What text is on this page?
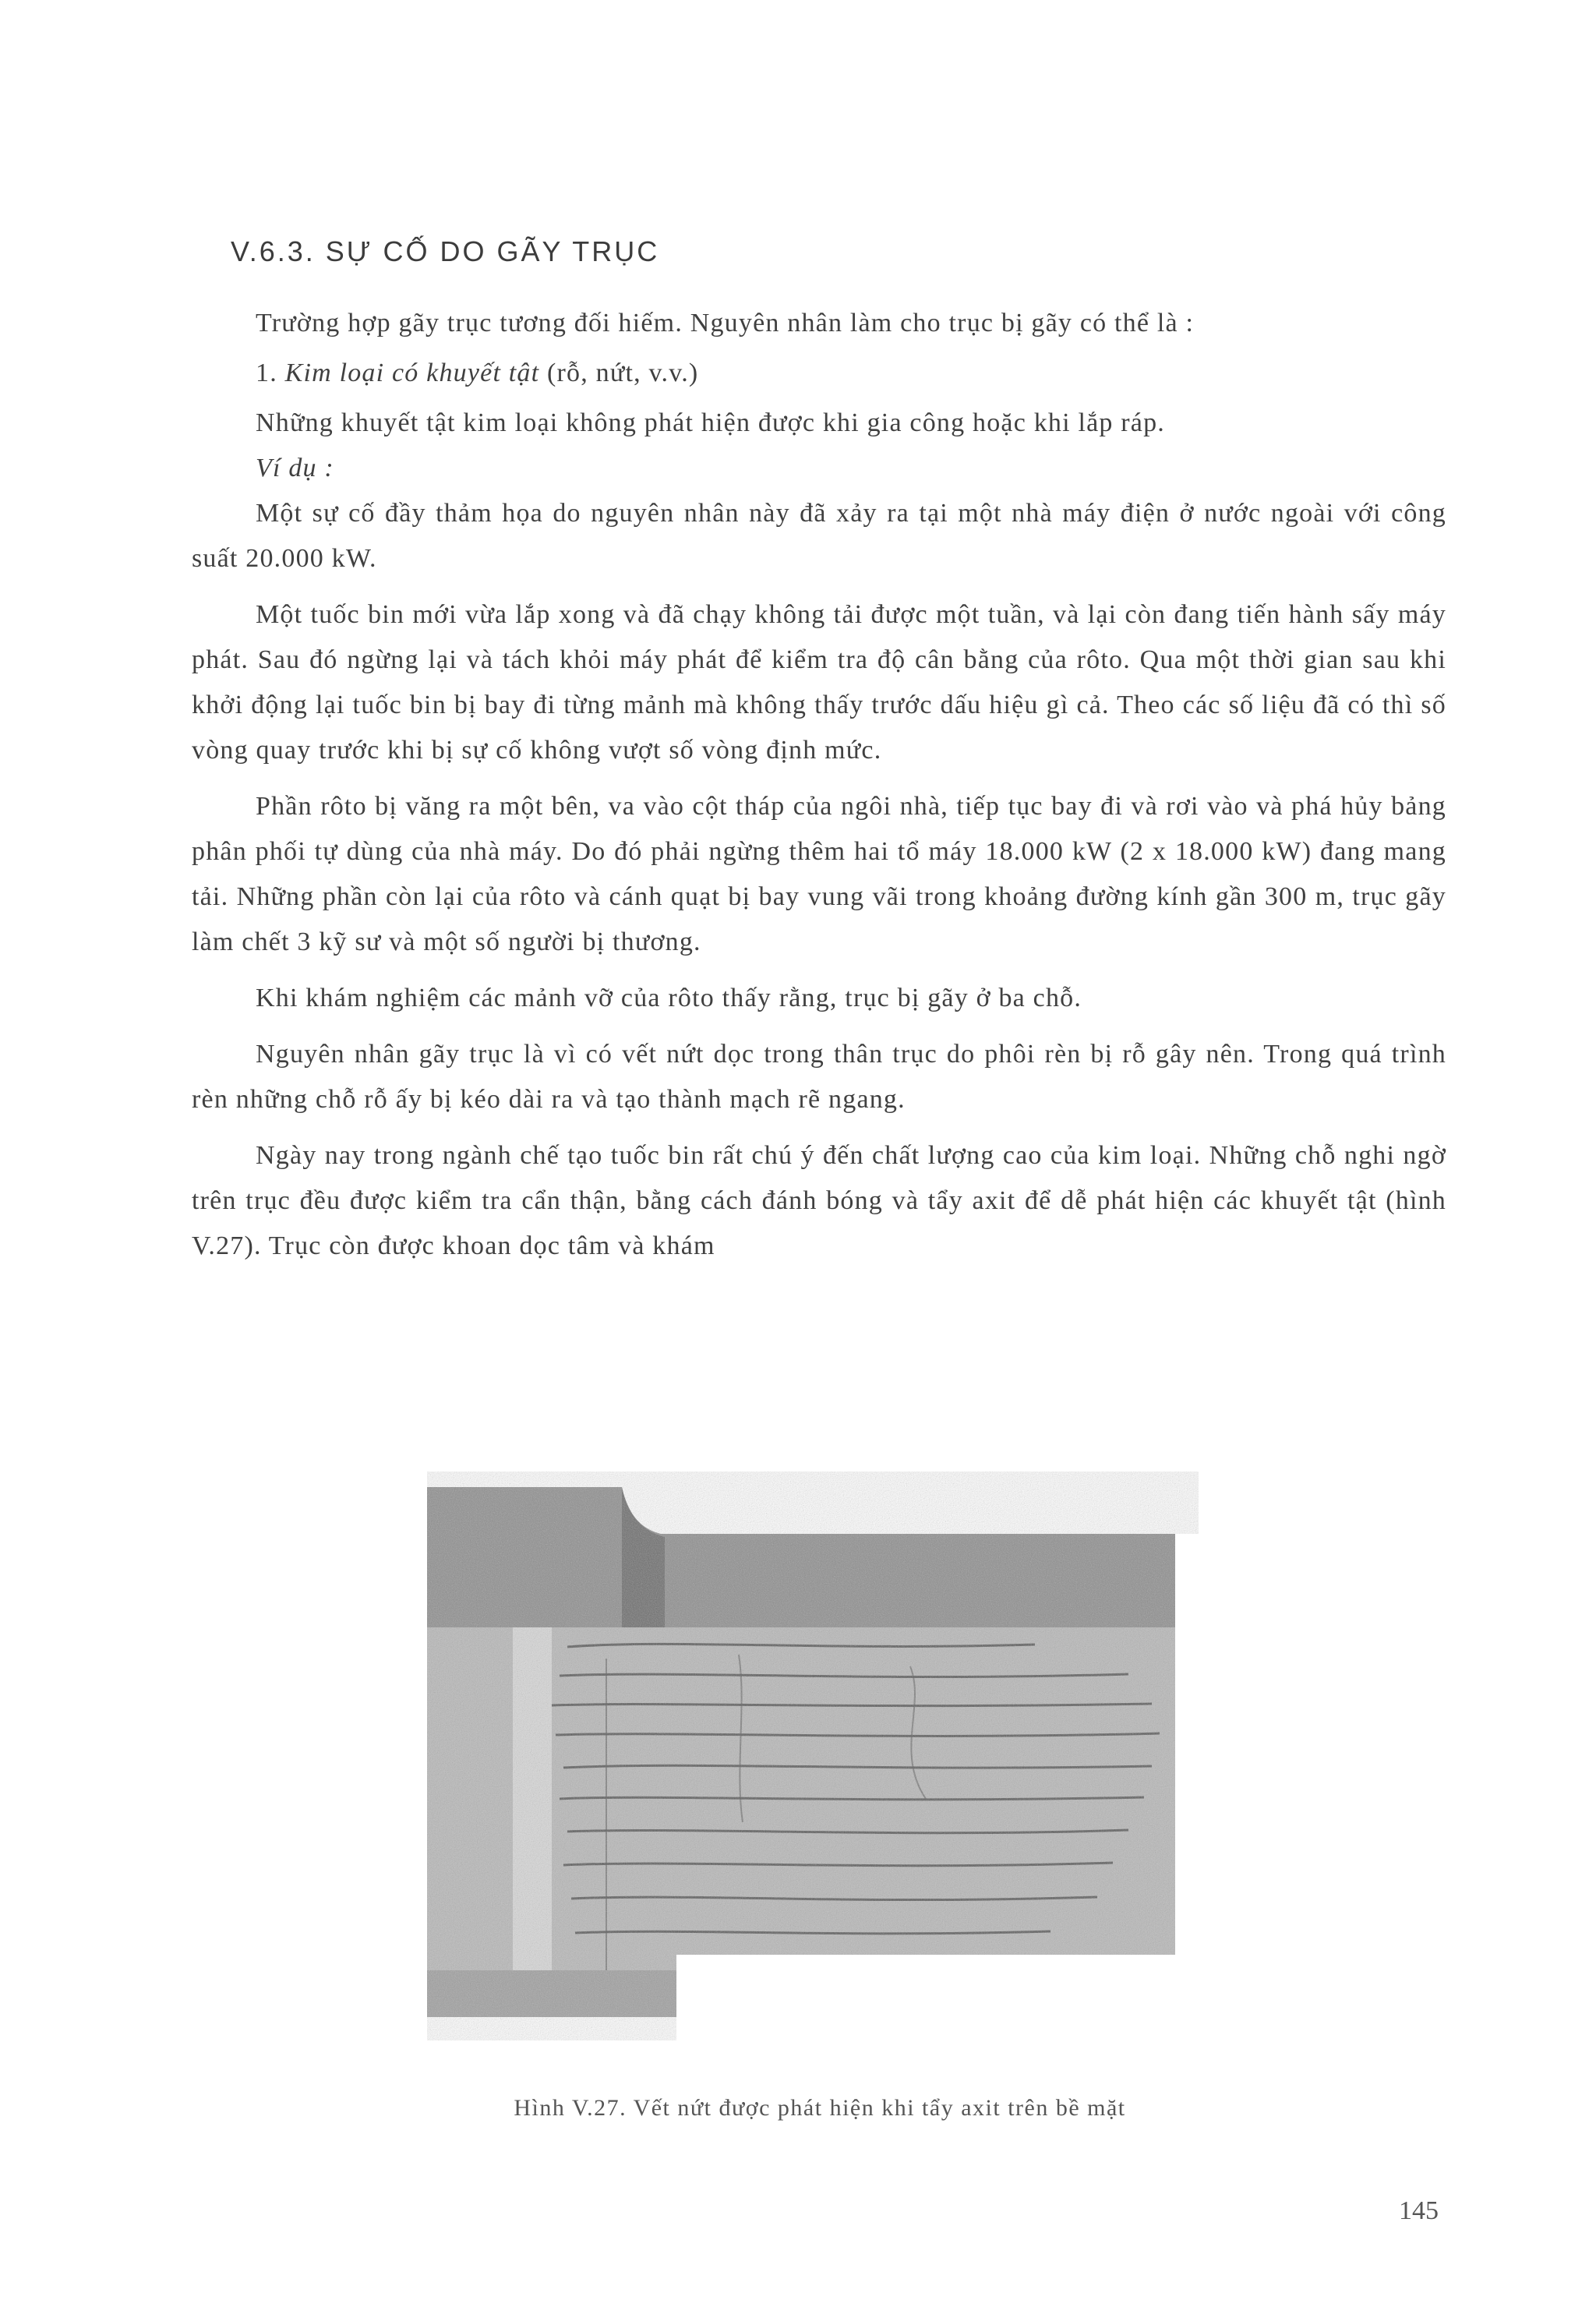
V.6.3. SỰ CỐ DO GÃY TRỤC

Trường hợp gãy trục tương đối hiếm. Nguyên nhân làm cho trục bị gãy có thể là :

1. Kim loại có khuyết tật (rỗ, nứt, v.v.)

Những khuyết tật kim loại không phát hiện được khi gia công hoặc khi lắp ráp.

Ví dụ :

Một sự cố đầy thảm họa do nguyên nhân này đã xảy ra tại một nhà máy điện ở nước ngoài với công suất 20.000 kW.

Một tuốc bin mới vừa lắp xong và đã chạy không tải được một tuần, và lại còn đang tiến hành sấy máy phát. Sau đó ngừng lại và tách khỏi máy phát để kiểm tra độ cân bằng của rôto. Qua một thời gian sau khi khởi động lại tuốc bin bị bay đi từng mảnh mà không thấy trước dấu hiệu gì cả. Theo các số liệu đã có thì số vòng quay trước khi bị sự cố không vượt số vòng định mức.

Phần rôto bị văng ra một bên, va vào cột tháp của ngôi nhà, tiếp tục bay đi và rơi vào và phá hủy bảng phân phối tự dùng của nhà máy. Do đó phải ngừng thêm hai tổ máy 18.000 kW (2 x 18.000 kW) đang mang tải. Những phần còn lại của rôto và cánh quạt bị bay vung vãi trong khoảng đường kính gần 300 m, trục gãy làm chết 3 kỹ sư và một số người bị thương.

Khi khám nghiệm các mảnh vỡ của rôto thấy rằng, trục bị gãy ở ba chỗ.

Nguyên nhân gãy trục là vì có vết nứt dọc trong thân trục do phôi rèn bị rỗ gây nên. Trong quá trình rèn những chỗ rỗ ấy bị kéo dài ra và tạo thành mạch rẽ ngang.

Ngày nay trong ngành chế tạo tuốc bin rất chú ý đến chất lượng cao của kim loại. Những chỗ nghi ngờ trên trục đều được kiểm tra cẩn thận, bằng cách đánh bóng và tẩy axit để dễ phát hiện các khuyết tật (hình V.27). Trục còn được khoan dọc tâm và khám

Hình V.27. Vết nứt được phát hiện khi tẩy axit trên bề mặt
145
